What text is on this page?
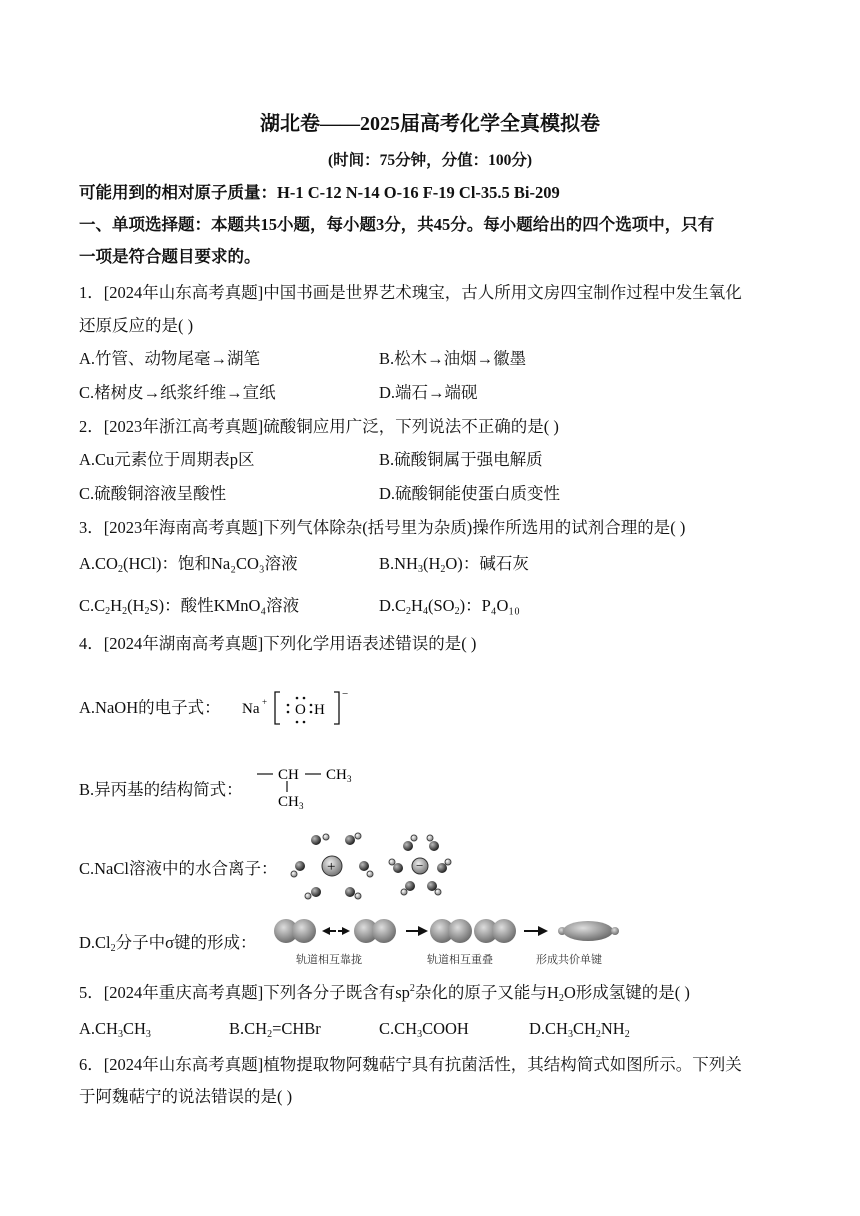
湖北卷——2025届高考化学全真模拟卷
(时间：75分钟，分值：100分)
可能用到的相对原子质量：H-1 C-12 N-14 O-16 F-19 Cl-35.5 Bi-209
一、单项选择题：本题共15小题，每小题3分，共45分。每小题给出的四个选项中，只有
一项是符合题目要求的。
1．[2024年山东高考真题]中国书画是世界艺术瑰宝，古人所用文房四宝制作过程中发生氧化
还原反应的是( )
A.竹管、动物尾毫→湖笔	B.松木→油烟→徽墨
C.楮树皮→纸浆纤维→宣纸	D.端石→端砚
2．[2023年浙江高考真题]硫酸铜应用广泛，下列说法不正确的是( )
A.Cu元素位于周期表p区	B.硫酸铜属于强电解质
C.硫酸铜溶液呈酸性	D.硫酸铜能使蛋白质变性
3．[2023年海南高考真题]下列气体除杂(括号里为杂质)操作所选用的试剂合理的是( )
$A.CO_2(HCl)$：饱和Na₂CO₃溶液	$B.NH_3(H_2O)$：碱石灰
$C.C_2H_2(H_2S)$：酸性KMnO₄溶液	$D.C_2H_4(SO_2)$：P₄O₁₀
4．[2024年湖南高考真题]下列化学用语表述错误的是( )
A.NaOH的电子式： Na +
−
O H
B.异丙基的结构简式：
CH CH 3
CH 3
C.NaCl溶液中的水合离子：	+	−
$D.Cl_2$分子中σ键的形成：
轨道相互靠拢	轨道相互重叠	形成共价单键
5．[2024年重庆高考真题]下列各分子既含有$sp^2$杂化的原子又能与$H_2O$形成氢键的是( )
$A.CH_3CH_3$	$B.CH_2=CHBr$	$C.CH_3COOH$	$D.CH_3CH_2NH_2$
6．[2024年山东高考真题]植物提取物阿魏萜宁具有抗菌活性，其结构简式如图所示。下列关
于阿魏萜宁的说法错误的是( )
